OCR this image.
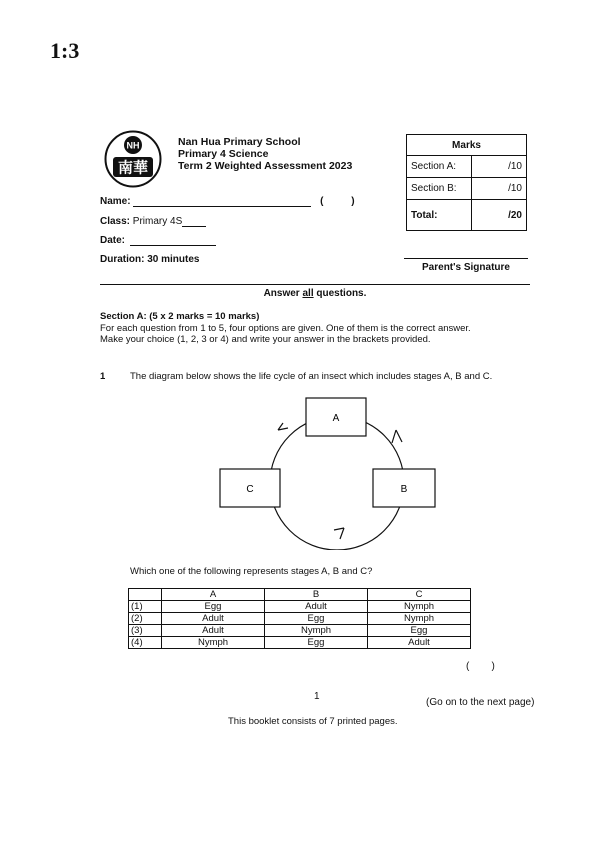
1:3
NH
南華
Nan Hua Primary School
Primary 4 Science
Term 2 Weighted Assessment 2023
Name:	(          )
Class: Primary 4S
Date:
Duration: 30 minutes
Marks	
Section A:	/10
Section B:	/10
Total:	/20
Parent's Signature
Answer all questions.
Section A: (5 x 2 marks = 10 marks)
For each question from 1 to 5, four options are given. One of them is the correct answer.
Make your choice (1, 2, 3 or 4) and write your answer in the brackets provided.
1	The diagram below shows the life cycle of an insect which includes stages A, B and C.
A
C	B
Which one of the following represents stages A, B and C?
	A	B	C
(1)	Egg	Adult	Nymph
(2)	Adult	Egg	Nymph
(3)	Adult	Nymph	Egg
(4)	Nymph	Egg	Adult
(        )
1
(Go on to the next page)
This booklet consists of 7 printed pages.
